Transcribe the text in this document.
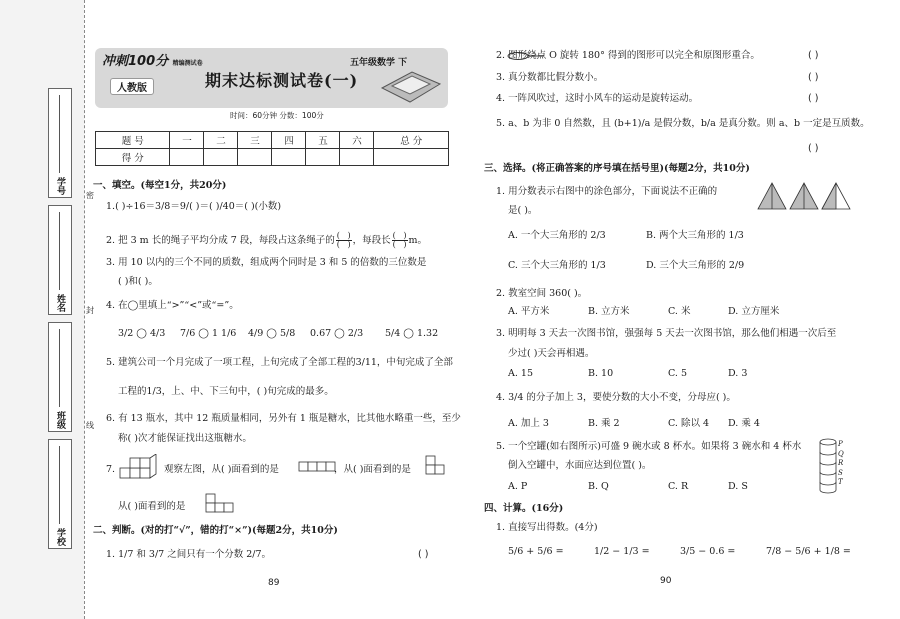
学号
姓名
班级
学校
密
封
线
冲刺100分 精编测试卷
人教版	期末达标测试卷(一)
五年级数学 下
时间：60分钟 分数：100分
题 号	一	二	三	四	五	六	总 分
得 分							
一、填空。(每空1分，共20分)
1.( )÷16＝3/8＝9/( )＝( )/40＝( )(小数)
2. 把 3 m 长的绳子平均分成 7 段，每段占这条绳子的 $\frac{( )}{( )}$ ，每段长 $\frac{( )}{( )}$ m。
3. 用 10 以内的三个不同的质数，组成两个同时是 3 和 5 的倍数的三位数是
( )和( )。
4. 在◯里填上“>”“<”或“=”。
3/2 ◯ 4/3 7/6 ◯ 1 1/6 4/9 ◯ 5/8 0.67 ◯ 2/3 5/4 ◯ 1.32
5. 建筑公司一个月完成了一项工程，上旬完成了全部工程的3/11，中旬完成了全部
工程的1/3，上、中、下三旬中，( )旬完成的最多。
6. 有 13 瓶水，其中 12 瓶质量相同，另外有 1 瓶是糖水，比其他水略重一些，至少
称( )次才能保证找出这瓶糖水。
7.	观察左图，从( )面看到的是	，从( )面看到的是
从( )面看到的是
二、判断。(对的打“√”，错的打“×”)(每题2分，共10分)
1. 1/7 和 3/7 之间只有一个分数 2/7。	( )
89
2. 图形绕点 O 旋转 180° 得到的图形可以完全和原图形重合。	( )
3. 真分数都比假分数小。	( )
4. 一阵风吹过，这时小风车的运动是旋转运动。	( )
5. a、b 为非 0 自然数，且 (b+1)/a 是假分数，b/a 是真分数。则 a、b 一定是互质数。
( )
三、选择。(将正确答案的序号填在括号里)(每题2分，共10分)
1. 用分数表示右图中的涂色部分，下面说法不正确的
是( )。
A. 一个大三角形的 2/3	B. 两个大三角形的 1/3
C. 三个大三角形的 1/3	D. 三个大三角形的 2/9
2. 教室空间 360( )。
A. 平方米	B. 立方米	C. 米	D. 立方厘米
3. 明明每 3 天去一次图书馆，强强每 5 天去一次图书馆，那么他们相遇一次后至
少过( )天会再相遇。
A. 15	B. 10	C. 5	D. 3
4. 3/4 的分子加上 3，要使分数的大小不变，分母应( )。
A. 加上 3	B. 乘 2	C. 除以 4 D. 乘 4
5. 一个空罐(如右图所示)可盛 9 碗水或 8 杯水。如果将 3 碗水和 4 杯水
倒入空罐中，水面应达到位置( )。
A. P	B. Q	C. R	D. S
P
Q
R
S
T
四、计算。(16分)
1. 直接写出得数。(4分)
5/6 + 5/6 =	1/2 − 1/3 =	3/5 − 0.6 =	7/8 − 5/6 + 1/8 =
90
